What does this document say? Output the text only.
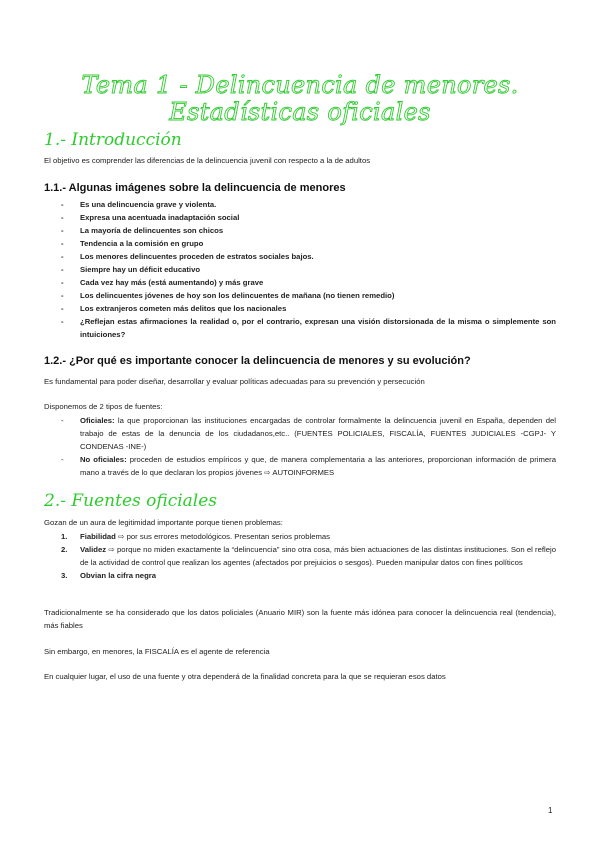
Tema 1 - Delincuencia de menores. Estadísticas oficiales
1.- Introducción

El objetivo es comprender las diferencias de la delincuencia juvenil con respecto a la de adultos

1.1.- Algunas imágenes sobre la delincuencia de menores
- Es una delincuencia grave y violenta.
- Expresa una acentuada inadaptación social
- La mayoría de delincuentes son chicos
- Tendencia a la comisión en grupo
- Los menores delincuentes proceden de estratos sociales bajos.
- Siempre hay un déficit educativo
- Cada vez hay más (está aumentando) y más grave
- Los delincuentes jóvenes de hoy son los delincuentes de mañana (no tienen remedio)
- Los extranjeros cometen más delitos que los nacionales
- ¿Reflejan estas afirmaciones la realidad o, por el contrario, expresan una visión distorsionada de la misma o simplemente son intuiciones?
1.2.- ¿Por qué es importante conocer la delincuencia de menores y su evolución?

Es fundamental para poder diseñar, desarrollar y evaluar políticas adecuadas para su prevención y persecución

Disponemos de 2 tipos de fuentes:

- Oficiales: la que proporcionan las instituciones encargadas de controlar formalmente la delincuencia juvenil en España, dependen del trabajo de estas de la denuncia de los ciudadanos,etc.. (FUENTES POLICIALES, FISCALÍA, FUENTES JUDICIALES -CGPJ- Y CONDENAS -INE-)
- No oficiales: proceden de estudios empíricos y que, de manera complementaria a las anteriores, proporcionan información de primera mano a través de lo que declaran los propios jóvenes ⇨ AUTOINFORMES
2.- Fuentes oficiales

Gozan de un aura de legitimidad importante porque tienen problemas:

1. Fiabilidad ⇨ por sus errores metodológicos. Presentan serios problemas
2. Validez ⇨ porque no miden exactamente la “delincuencia” sino otra cosa, más bien actuaciones de las distintas instituciones. Son el reflejo de la actividad de control que realizan los agentes (afectados por prejuicios o sesgos). Pueden manipular datos con fines políticos
3. Obvian la cifra negra

Tradicionalmente se ha considerado que los datos policiales (Anuario MIR) son la fuente más idónea para conocer la delincuencia real (tendencia), más fiables

Sin embargo, en menores, la FISCALÍA es el agente de referencia

En cualquier lugar, el uso de una fuente y otra dependerá de la finalidad concreta para la que se requieran esos datos

1
